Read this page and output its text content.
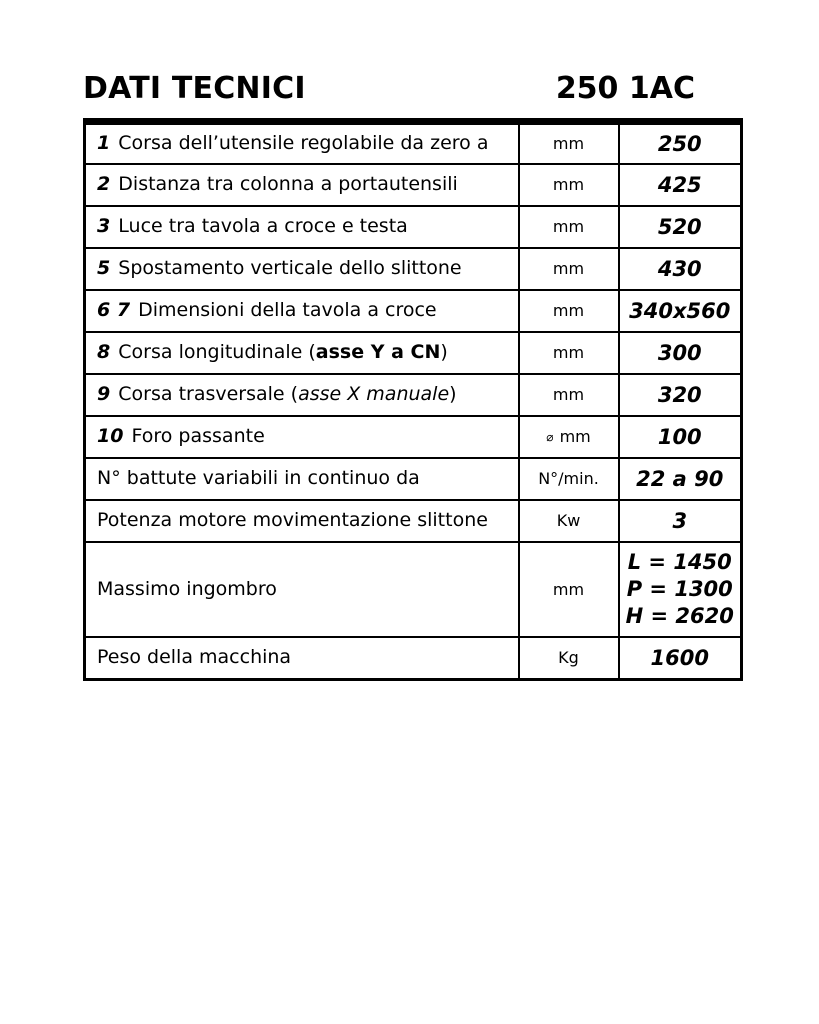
DATI TECNICI	250 1AC
1 Corsa dell’utensile regolabile da zero a	mm	250

2 Distanza tra colonna a portautensili	mm	425

3 Luce tra tavola a croce e testa	mm	520

5 Spostamento verticale dello slittone	mm	430

6 7 Dimensioni della tavola a croce	mm	340x560

8 Corsa longitudinale (asse Y a CN)	mm	300

9 Corsa trasversale (asse X manuale)	mm	320

10 Foro passante	⌀ mm	100

N° battute variabili in continuo da	N°/min.	22 a 90

Potenza motore movimentazione slittone	Kw	3

Massimo ingombro	mm	L = 1450
P = 1300
H = 2620

Peso della macchina	Kg	1600
